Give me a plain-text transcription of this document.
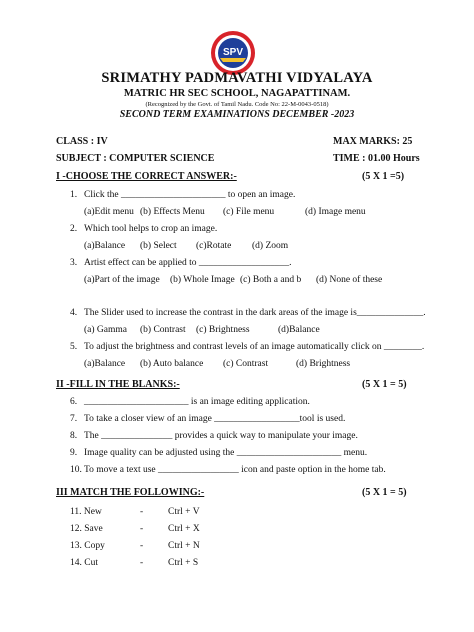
SPV
SRIMATHY PADMAVATHI VIDYALAYA
MATRIC HR SEC SCHOOL, NAGAPATTINAM.
(Recognized by the Govt. of Tamil Nadu. Code No: 22-M-0043-0518)
SECOND TERM EXAMINATIONS DECEMBER -2023
CLASS : IV	MAX MARKS: 25
SUBJECT : COMPUTER SCIENCE	TIME : 01.00 Hours
I -CHOOSE THE CORRECT ANSWER:-	(5 X 1 =5)
1. Click the ______________________ to open an image.
(a)Edit menu (b) Effects Menu (c) File menu	(d) Image menu
2. Which tool helps to crop an image.
(a)Balance (b) Select (c)Rotate (d) Zoom
3. Artist effect can be applied to ___________________.
(a)Part of the image (b) Whole Image (c) Both a and b (d) None of these
4. The Slider used to increase the contrast in the dark areas of the image is______________.
(a) Gamma (b) Contrast (c) Brightness	(d)Balance
5. To adjust the brightness and contrast levels of an image automatically click on ________.
(a)Balance (b) Auto balance (c) Contrast	(d) Brightness
II -FILL IN THE BLANKS:-	(5 X 1 = 5)
6. ______________________ is an image editing application.
7. To take a closer view of an image __________________tool is used.
8. The _______________ provides a quick way to manipulate your image.
9. Image quality can be adjusted using the ______________________ menu.
10. To move a text use _________________ icon and paste option in the home tab.
III MATCH THE FOLLOWING:-	(5 X 1 = 5)
11. New	-	Ctrl + V
12. Save	-	Ctrl + X
13. Copy	-	Ctrl + N
14. Cut	-	Ctrl + S
